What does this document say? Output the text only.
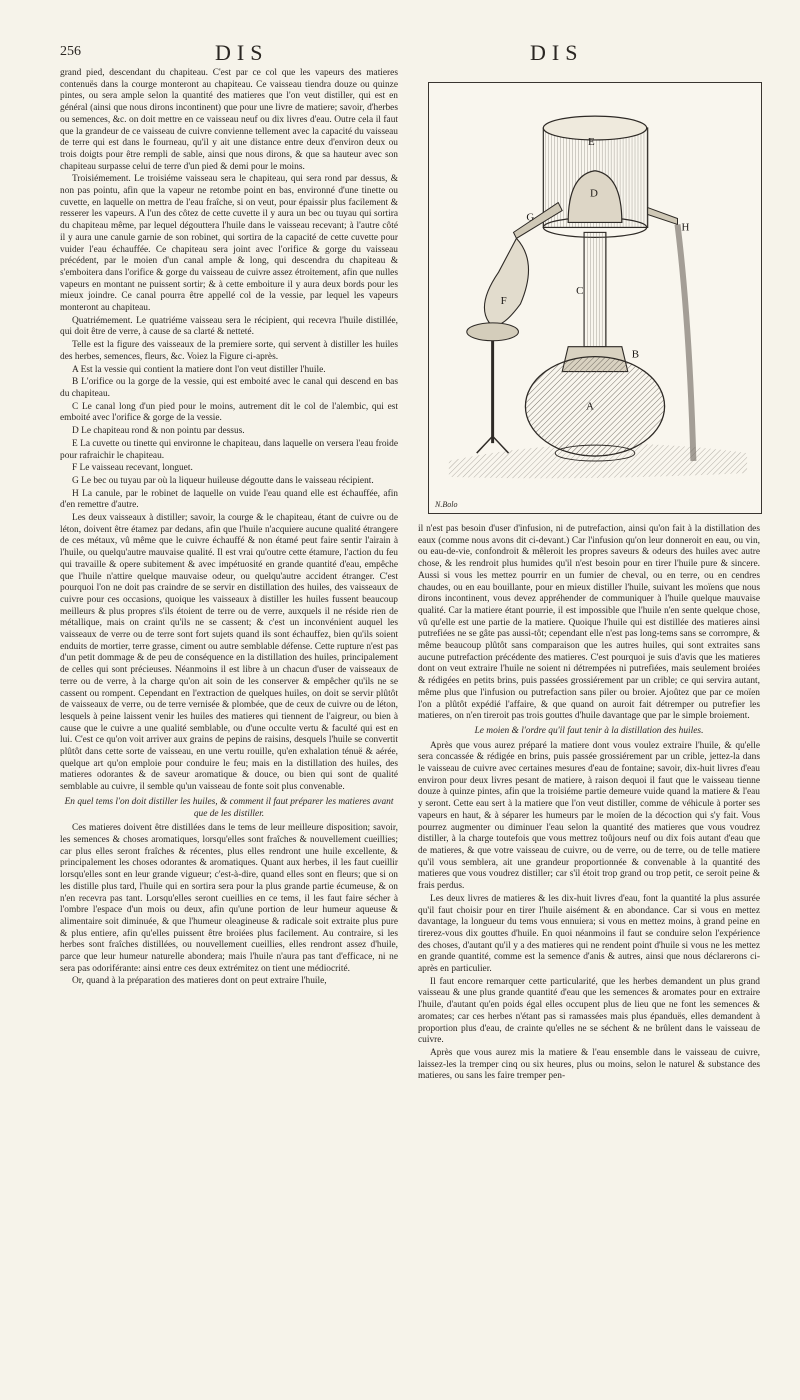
256	DIS	DIS

grand pied, descendant du chapiteau. C'est par ce col que les vapeurs des matieres contenuës dans la courge monteront au chapiteau. Ce vaisseau tiendra douze ou quinze pintes, ou sera ample selon la quantité des matieres que l'on veut distiller, qui est en général (ainsi que nous dirons incontinent) que pour une livre de matiere; savoir, d'herbes ou semences, &c. on doit mettre en ce vaisseau neuf ou dix livres d'eau. Outre cela il faut que la grandeur de ce vaisseau de cuivre convienne tellement avec la capacité du vaisseau de terre qui est dans le fourneau, qu'il y ait une distance entre deux d'environ deux ou trois doigts pour être rempli de sable, ainsi que nous dirons, & que sa hauteur avec son chapiteau surpasse celui de terre d'un pied & demi pour le moins.

Troisiémement. Le troisiéme vaisseau sera le chapiteau, qui sera rond par dessus, & non pas pointu, afin que la vapeur ne retombe point en bas, environné d'une tinette ou cuvette, en laquelle on mettra de l'eau fraîche, si on veut, pour épaissir plus facilement & resserer les vapeurs. A l'un des côtez de cette cuvette il y aura un bec ou tuyau qui sortira du chapiteau même, par lequel dégouttera l'huile dans le vaisseau recevant; à l'autre côté il y aura une canule garnie de son robinet, qui sortira de la capacité de cette cuvette pour vuider l'eau échauffée. Ce chapiteau sera joint avec l'orifice & gorge du vaisseau précédent, par le moien d'un canal ample & long, qui descendra du chapiteau & s'emboitera dans l'orifice & gorge du vaisseau de cuivre assez étroitement, afin que nulles vapeurs en montant ne puissent sortir; & à cette emboiture il y aura deux bords pour les mieux joindre. Ce canal pourra être appellé col de la vessie, par lequel les vapeurs monteront au chapiteau.

Quatriémement. Le quatriéme vaisseau sera le récipient, qui recevra l'huile distillée, qui doit être de verre, à cause de sa clarté & netteté.

Telle est la figure des vaisseaux de la premiere sorte, qui servent à distiller les huiles des herbes, semences, fleurs, &c. Voiez la Figure ci-après.

A Est la vessie qui contient la matiere dont l'on veut distiller l'huile.

B L'orifice ou la gorge de la vessie, qui est emboité avec le canal qui descend en bas du chapiteau.

C Le canal long d'un pied pour le moins, autrement dit le col de l'alembic, qui est emboité avec l'orifice & gorge de la vessie.

D Le chapiteau rond & non pointu par dessus.

E La cuvette ou tinette qui environne le chapiteau, dans laquelle on versera l'eau froide pour rafraichir le chapiteau.

F Le vaisseau recevant, longuet.

G Le bec ou tuyau par où la liqueur huileuse dégoutte dans le vaisseau récipient.

H La canule, par le robinet de laquelle on vuide l'eau quand elle est échauffée, afin d'en remettre d'autre.

Les deux vaisseaux à distiller; savoir, la courge & le chapiteau, étant de cuivre ou de léton, doivent être étamez par dedans, afin que l'huile n'acquiere aucune qualité étrangere de ces métaux, vû même que le cuivre échauffé & non étamé peut faire sentir l'airain à l'huile, ou quelqu'autre mauvaise qualité. Il est vrai qu'outre cette étamure, l'action du feu qui travaille & opere subitement & avec impétuosité en grande quantité d'eau, empêche que l'huile n'attire quelque mauvaise odeur, ou quelqu'autre accident étranger. C'est pourquoi l'on ne doit pas craindre de se servir en distillation des huiles, des vaisseaux de cuivre pour ces occasions, quoique les vaisseaux à distiller les huiles fussent beaucoup meilleurs & plus propres s'ils étoient de terre ou de verre, auxquels il ne réside rien de métallique, mais on craint qu'ils ne se cassent; & c'est un inconvénient auquel les vaisseaux de verre ou de terre sont fort sujets quand ils sont échauffez, bien qu'ils soient enduits de mortier, terre grasse, ciment ou autre semblable défense. Cette rupture n'est pas d'un petit dommage & de peu de conséquence en la distillation des huiles, principalement de celles qui sont précieuses. Néanmoins il est libre à un chacun d'user de vaisseaux de terre ou de verre, à la charge qu'on ait soin de les conserver & empêcher qu'ils ne se cassent ou rompent. Cependant en l'extraction de quelques huiles, on doit se servir plûtôt de vaisseaux de verre, ou de terre vernisée & plombée, que de ceux de cuivre ou de léton, lesquels à peine laissent venir les huiles des matieres qui tiennent de l'aigreur, ou bien à cause que le cuivre a une qualité semblable, ou d'une occulte vertu & faculté qui est en lui. C'est ce qu'on voit arriver aux grains de pepins de raisins, desquels l'huile se convertit plûtôt dans cette sorte de vaisseau, en une vertu rouille, qu'en exhalation ténuë & aérée, quelque art qu'on emploie pour conduire le feu; mais en la distillation des huiles, des matieres odorantes & de saveur aromatique & douce, ou bien qui sont de qualité semblable au cuivre, il semble qu'un vaisseau de fonte soit plus convenable.

En quel tems l'on doit distiller les huiles, & comment il faut préparer les matieres avant que de les distiller.

Ces matieres doivent être distillées dans le tems de leur meilleure disposition; savoir, les semences & choses aromatiques, lorsqu'elles sont fraîches & nouvellement cueillies; car plus elles seront fraîches & récentes, plus elles rendront une huile excellente, & principalement les choses odorantes & aromatiques. Quant aux herbes, il les faut cueillir lorsqu'elles sont en leur grande vigueur; c'est-à-dire, quand elles sont en fleurs; que si on les distille plus tard, l'huile qui en sortira sera pour la plus grande partie écumeuse, & on n'en recevra pas tant. Lorsqu'elles seront cueillies en ce tems, il les faut faire sécher à l'ombre l'espace d'un mois ou deux, afin qu'une portion de leur humeur aqueuse & alimentaire soit diminuée, & que l'humeur oleagineuse & radicale soit extraite plus pure & plus entiere, afin qu'elles puissent être broiées plus facilement. Au contraire, si les herbes sont fraîches distillées, ou nouvellement cueillies, elles rendront assez d'huile, parce que leur humeur naturelle abondera; mais l'huile n'aura pas tant d'efficace, ni ne sera pas odoriférante: ainsi entre ces deux extrémitez on tient une médiocrité.

Or, quand à la préparation des matieres dont on peut extraire l'huile,

A
B
C
D
E
F
G
H
N.Bolo

il n'est pas besoin d'user d'infusion, ni de putrefaction, ainsi qu'on fait à la distillation des eaux (comme nous avons dit ci-devant.) Car l'infusion qu'on leur donneroit en eau, ou vin, ou eau-de-vie, confondroit & mêleroit les propres saveurs & odeurs des huiles avec autre chose, & les rendroit plus humides qu'il n'est besoin pour en tirer l'huile pure & sincere. Aussi si vous les mettez pourrir en un fumier de cheval, ou en terre, ou en cendres chaudes, ou en eau bouillante, pour en mieux distiller l'huile, suivant les moïens que nous dirons incontinent, vous devez appréhender de communiquer à l'huile quelque mauvaise qualité. Car la matiere étant pourrie, il est impossible que l'huile n'en sente quelque chose, vû qu'elle est une partie de la matiere. Quoique l'huile qui est distillée des matieres ainsi putrefiées ne se gâte pas aussi-tôt; cependant elle n'est pas long-tems sans se corrompre, & même beaucoup plûtôt sans comparaison que les autres huiles, qui sont extraites sans aucune putrefaction précédente des matieres. C'est pourquoi je suis d'avis que les matieres dont on veut extraire l'huile ne soient ni détrempées ni putrefiées, mais seulement broiées & rédigées en petits brins, puis passées grossiérement par un crible; ce qui servira autant, même plus que l'infusion ou putrefaction sans piler ou broier. Ajoûtez que par ce moïen l'on a plûtôt expédié l'affaire, & que quand on auroit fait détremper ou putrefier les matieres, on n'en tireroit pas trois gouttes d'huile davantage que par le simple broiement.

Le moien & l'ordre qu'il faut tenir à la distillation des huiles.

Après que vous aurez préparé la matiere dont vous voulez extraire l'huile, & qu'elle sera concassée & rédigée en brins, puis passée grossiérement par un crible, jettez-la dans le vaisseau de cuivre avec certaines mesures d'eau de fontaine; savoir, dix-huit livres d'eau environ pour deux livres pesant de matiere, à raison dequoi il faut que le vaisseau tienne douze à quinze pintes, afin que la troisiéme partie demeure vuide quand la matiere & l'eau y seront. Cette eau sert à la matiere que l'on veut distiller, comme de véhicule à porter ses vapeurs en haut, & à séparer les humeurs par le moïen de la décoction qui s'y fait. Vous pourrez augmenter ou diminuer l'eau selon la quantité des matieres que vous voudrez distiller, à la charge toutefois que vous mettrez toûjours neuf ou dix fois autant d'eau que de matieres, & que votre vaisseau de cuivre, ou de verre, ou de terre, ou de telle matiere qu'il vous semblera, ait une grandeur proportionnée & convenable à la quantité des matieres que vous voudrez distiller; car s'il étoit trop grand ou trop petit, ce seroit peine & frais perdus.

Les deux livres de matieres & les dix-huit livres d'eau, font la quantité la plus assurée qu'il faut choisir pour en tirer l'huile aisément & en abondance. Car si vous en mettez davantage, la longueur du tems vous ennuiera; si vous en mettez moins, à grand peine en tirerez-vous dix gouttes d'huile. En quoi néanmoins il faut se conduire selon l'expérience des choses, d'autant qu'il y a des matieres qui ne rendent point d'huile si vous ne les mettez en grande quantité, comme est la semence d'anis & autres, ainsi que nous déclarerons ci-après en particulier.

Il faut encore remarquer cette particularité, que les herbes demandent un plus grand vaisseau & une plus grande quantité d'eau que les semences & aromates pour en extraire l'huile, d'autant qu'en poids égal elles occupent plus de lieu que ne font les semences & aromates; car ces herbes n'étant pas si ramassées mais plus épanduës, elles demandent à proportion plus d'eau, de crainte qu'elles ne se séchent & ne brûlent dans le vaisseau de cuivre.

Après que vous aurez mis la matiere & l'eau ensemble dans le vaisseau de cuivre, laissez-les la tremper cinq ou six heures, plus ou moins, selon le naturel & substance des matieres, ou sans les faire tremper pen-
